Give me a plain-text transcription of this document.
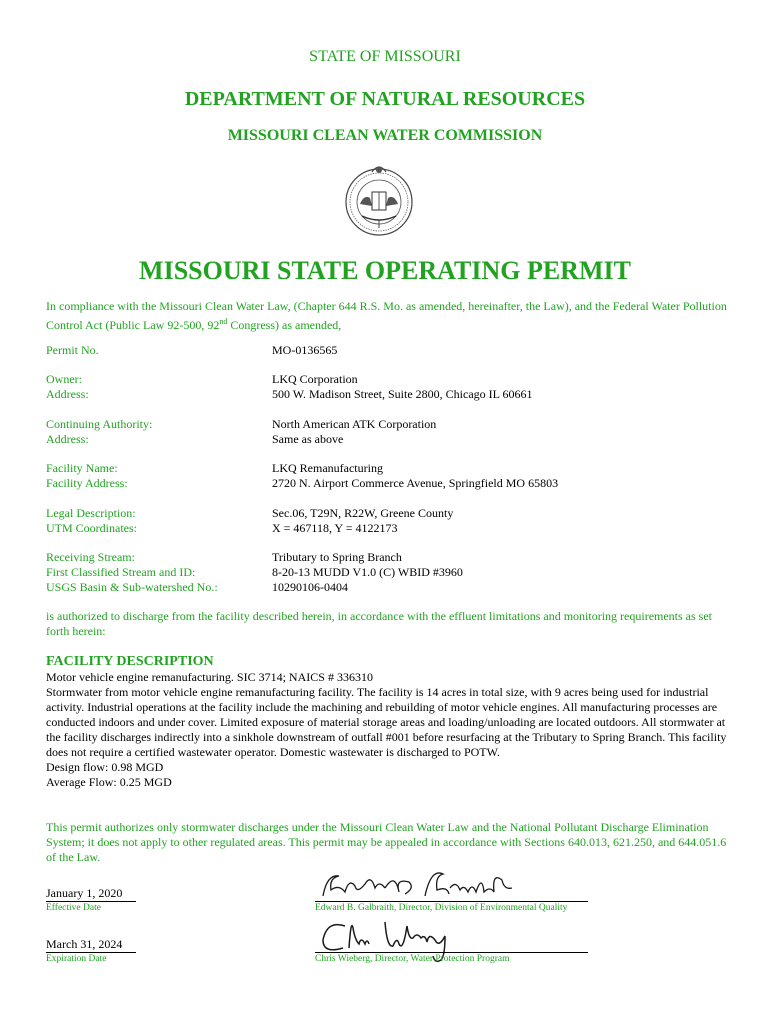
STATE OF MISSOURI
DEPARTMENT OF NATURAL RESOURCES
MISSOURI CLEAN WATER COMMISSION
MISSOURI STATE OPERATING PERMIT
In compliance with the Missouri Clean Water Law, (Chapter 644 R.S. Mo. as amended, hereinafter, the Law), and the Federal Water Pollution Control Act (Public Law 92-500, 92nd Congress) as amended,
Permit No.	MO-0136565
Owner:	LKQ Corporation
Address:	500 W. Madison Street, Suite 2800, Chicago IL 60661
Continuing Authority:	North American ATK Corporation
Address:	Same as above
Facility Name:	LKQ Remanufacturing
Facility Address:	2720 N. Airport Commerce Avenue, Springfield MO 65803
Legal Description:	Sec.06, T29N, R22W, Greene County
UTM Coordinates:	X = 467118, Y = 4122173
Receiving Stream:	Tributary to Spring Branch
First Classified Stream and ID:	8-20-13 MUDD V1.0 (C) WBID #3960
USGS Basin & Sub-watershed No.:	10290106-0404
is authorized to discharge from the facility described herein, in accordance with the effluent limitations and monitoring requirements as set forth herein:
FACILITY DESCRIPTION
Motor vehicle engine remanufacturing. SIC 3714; NAICS # 336310
Stormwater from motor vehicle engine remanufacturing facility. The facility is 14 acres in total size, with 9 acres being used for industrial activity. Industrial operations at the facility include the machining and rebuilding of motor vehicle engines. All manufacturing processes are conducted indoors and under cover. Limited exposure of material storage areas and loading/unloading are located outdoors. All stormwater at the facility discharges indirectly into a sinkhole downstream of outfall #001 before resurfacing at the Tributary to Spring Branch. This facility does not require a certified wastewater operator. Domestic wastewater is discharged to POTW.
Design flow: 0.98 MGD
Average Flow: 0.25 MGD
This permit authorizes only stormwater discharges under the Missouri Clean Water Law and the National Pollutant Discharge Elimination System; it does not apply to other regulated areas. This permit may be appealed in accordance with Sections 640.013, 621.250, and 644.051.6 of the Law.
January 1, 2020
Effective Date	Edward B. Galbraith, Director, Division of Environmental Quality
March 31, 2024
Expiration Date	Chris Wieberg, Director, Water Protection Program
